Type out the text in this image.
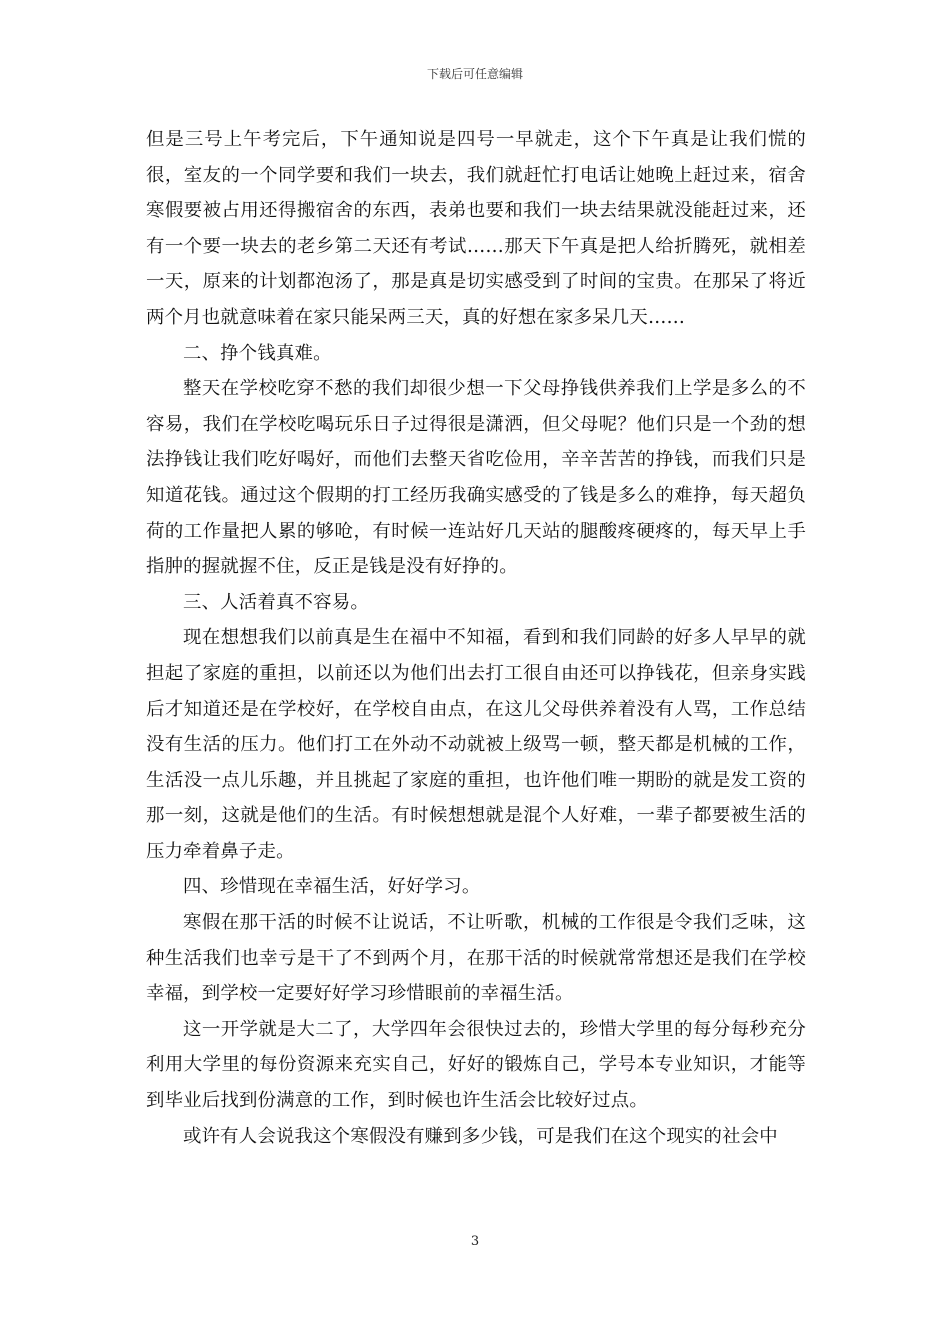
下载后可任意编辑

但是三号上午考完后，下午通知说是四号一早就走，这个下午真是让我们慌的很，室友的一个同学要和我们一块去，我们就赶忙打电话让她晚上赶过来，宿舍寒假要被占用还得搬宿舍的东西，表弟也要和我们一块去结果就没能赶过来，还有一个要一块去的老乡第二天还有考试……那天下午真是把人给折腾死，就相差一天，原来的计划都泡汤了，那是真是切实感受到了时间的宝贵。在那呆了将近两个月也就意味着在家只能呆两三天，真的好想在家多呆几天……

二、挣个钱真难。

整天在学校吃穿不愁的我们却很少想一下父母挣钱供养我们上学是多么的不容易，我们在学校吃喝玩乐日子过得很是潇洒，但父母呢？他们只是一个劲的想法挣钱让我们吃好喝好，而他们去整天省吃俭用，辛辛苦苦的挣钱，而我们只是知道花钱。通过这个假期的打工经历我确实感受的了钱是多么的难挣，每天超负荷的工作量把人累的够呛，有时候一连站好几天站的腿酸疼硬疼的，每天早上手指肿的握就握不住，反正是钱是没有好挣的。

三、人活着真不容易。

现在想想我们以前真是生在福中不知福，看到和我们同龄的好多人早早的就担起了家庭的重担，以前还以为他们出去打工很自由还可以挣钱花，但亲身实践后才知道还是在学校好，在学校自由点，在这儿父母供养着没有人骂，工作总结没有生活的压力。他们打工在外动不动就被上级骂一顿，整天都是机械的工作，生活没一点儿乐趣，并且挑起了家庭的重担，也许他们唯一期盼的就是发工资的那一刻，这就是他们的生活。有时候想想就是混个人好难，一辈子都要被生活的压力牵着鼻子走。

四、珍惜现在幸福生活，好好学习。

寒假在那干活的时候不让说话，不让听歌，机械的工作很是令我们乏味，这种生活我们也幸亏是干了不到两个月，在那干活的时候就常常想还是我们在学校幸福，到学校一定要好好学习珍惜眼前的幸福生活。

这一开学就是大二了，大学四年会很快过去的，珍惜大学里的每分每秒充分利用大学里的每份资源来充实自己，好好的锻炼自己，学号本专业知识，才能等到毕业后找到份满意的工作，到时候也许生活会比较好过点。

或许有人会说我这个寒假没有赚到多少钱，可是我们在这个现实的社会中

3
